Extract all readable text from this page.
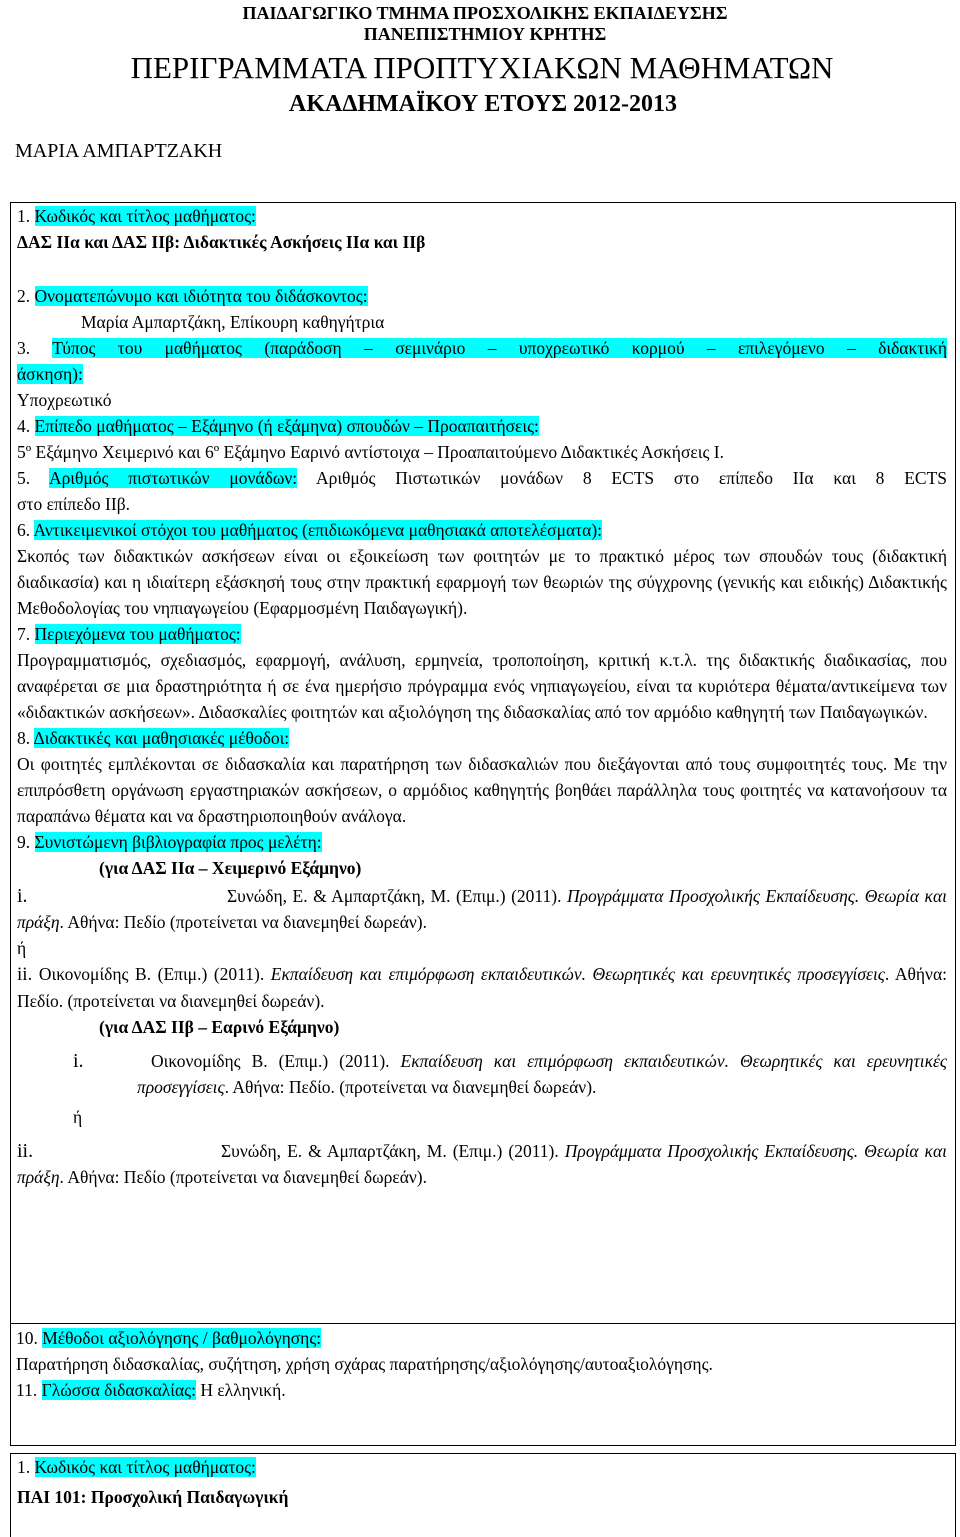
ΠΑΙΔΑΓΩΓΙΚΟ ΤΜΗΜΑ ΠΡΟΣΧΟΛΙΚΗΣ ΕΚΠΑΙΔΕΥΣΗΣ
ΠΑΝΕΠΙΣΤΗΜΙΟΥ ΚΡΗΤΗΣ
ΠΕΡΙΓΡΑΜΜΑΤΑ ΠΡΟΠΤΥΧΙΑΚΩΝ ΜΑΘΗΜΑΤΩΝ
ΑΚΑΔΗΜΑΪΚΟΥ ΕΤΟΥΣ 2012-2013
ΜΑΡΙΑ ΑΜΠΑΡΤΖΑΚΗ
1. Κωδικός και τίτλος μαθήματος:
ΔΑΣ ΙΙα και ΔΑΣ ΙΙβ: Διδακτικές Ασκήσεις ΙΙα και ΙΙβ
2. Ονοματεπώνυμο και ιδιότητα του διδάσκοντος:
Μαρία Αμπαρτζάκη, Επίκουρη καθηγήτρια
3. Τύπος του μαθήματος (παράδοση – σεμινάριο – υποχρεωτικό κορμού – επιλεγόμενο – διδακτική
άσκηση):
Υποχρεωτικό
4. Επίπεδο μαθήματος – Εξάμηνο (ή εξάμηνα) σπουδών – Προαπαιτήσεις:
5º Εξάμηνο Χειμερινό και 6º Εξάμηνο Εαρινό αντίστοιχα – Προαπαιτούμενο Διδακτικές Ασκήσεις Ι.
5. Αριθμός πιστωτικών μονάδων: Αριθμός Πιστωτικών μονάδων 8 ECTS στο επίπεδο ΙΙα και 8 ECTS
στο επίπεδο ΙΙβ.
6. Αντικειμενικοί στόχοι του μαθήματος (επιδιωκόμενα μαθησιακά αποτελέσματα):
Σκοπός των διδακτικών ασκήσεων είναι οι εξοικείωση των φοιτητών με το πρακτικό μέρος των σπουδών τους (διδακτική διαδικασία) και η ιδιαίτερη εξάσκησή τους στην πρακτική εφαρμογή των θεωριών της σύγχρονης (γενικής και ειδικής) Διδακτικής Μεθοδολογίας του νηπιαγωγείου (Εφαρμοσμένη Παιδαγωγική).
7. Περιεχόμενα του μαθήματος:
Προγραμματισμός, σχεδιασμός, εφαρμογή, ανάλυση, ερμηνεία, τροποποίηση, κριτική κ.τ.λ. της διδακτικής διαδικασίας, που αναφέρεται σε μια δραστηριότητα ή σε ένα ημερήσιο πρόγραμμα ενός νηπιαγωγείου, είναι τα κυριότερα θέματα/αντικείμενα των «διδακτικών ασκήσεων». Διδασκαλίες φοιτητών και αξιολόγηση της διδασκαλίας από τον αρμόδιο καθηγητή των Παιδαγωγικών.
8. Διδακτικές και μαθησιακές μέθοδοι:
Οι φοιτητές εμπλέκονται σε διδασκαλία και παρατήρηση των διδασκαλιών που διεξάγονται από τους συμφοιτητές τους. Με την επιπρόσθετη οργάνωση εργαστηριακών ασκήσεων, ο αρμόδιος καθηγητής βοηθάει παράλληλα τους φοιτητές να κατανοήσουν τα παραπάνω θέματα και να δραστηριοποιηθούν ανάλογα.
9. Συνιστώμενη βιβλιογραφία προς μελέτη:
(για ΔΑΣ ΙΙα – Χειμερινό Εξάμηνο)
i.	Συνώδη, Ε. & Αμπαρτζάκη, Μ. (Επιμ.) (2011). Προγράμματα Προσχολικής Εκπαίδευσης. Θεωρία και πράξη. Αθήνα: Πεδίο (προτείνεται να διανεμηθεί δωρεάν).
ή
ii. Οικονομίδης Β. (Επιμ.) (2011). Εκπαίδευση και επιμόρφωση εκπαιδευτικών. Θεωρητικές και ερευνητικές προσεγγίσεις. Αθήνα: Πεδίο. (προτείνεται να διανεμηθεί δωρεάν).
(για ΔΑΣ ΙΙβ – Εαρινό Εξάμηνο)
i.	Οικονομίδης Β. (Επιμ.) (2011). Εκπαίδευση και επιμόρφωση εκπαιδευτικών. Θεωρητικές και ερευνητικές προσεγγίσεις. Αθήνα: Πεδίο. (προτείνεται να διανεμηθεί δωρεάν).
ή
ii.	Συνώδη, Ε. & Αμπαρτζάκη, Μ. (Επιμ.) (2011). Προγράμματα Προσχολικής Εκπαίδευσης. Θεωρία και πράξη. Αθήνα: Πεδίο (προτείνεται να διανεμηθεί δωρεάν).
10. Μέθοδοι αξιολόγησης / βαθμολόγησης:
Παρατήρηση διδασκαλίας, συζήτηση, χρήση σχάρας παρατήρησης/αξιολόγησης/αυτοαξιολόγησης.
11. Γλώσσα διδασκαλίας: Η ελληνική.
1. Κωδικός και τίτλος μαθήματος:
ΠΑΙ 101: Προσχολική Παιδαγωγική
